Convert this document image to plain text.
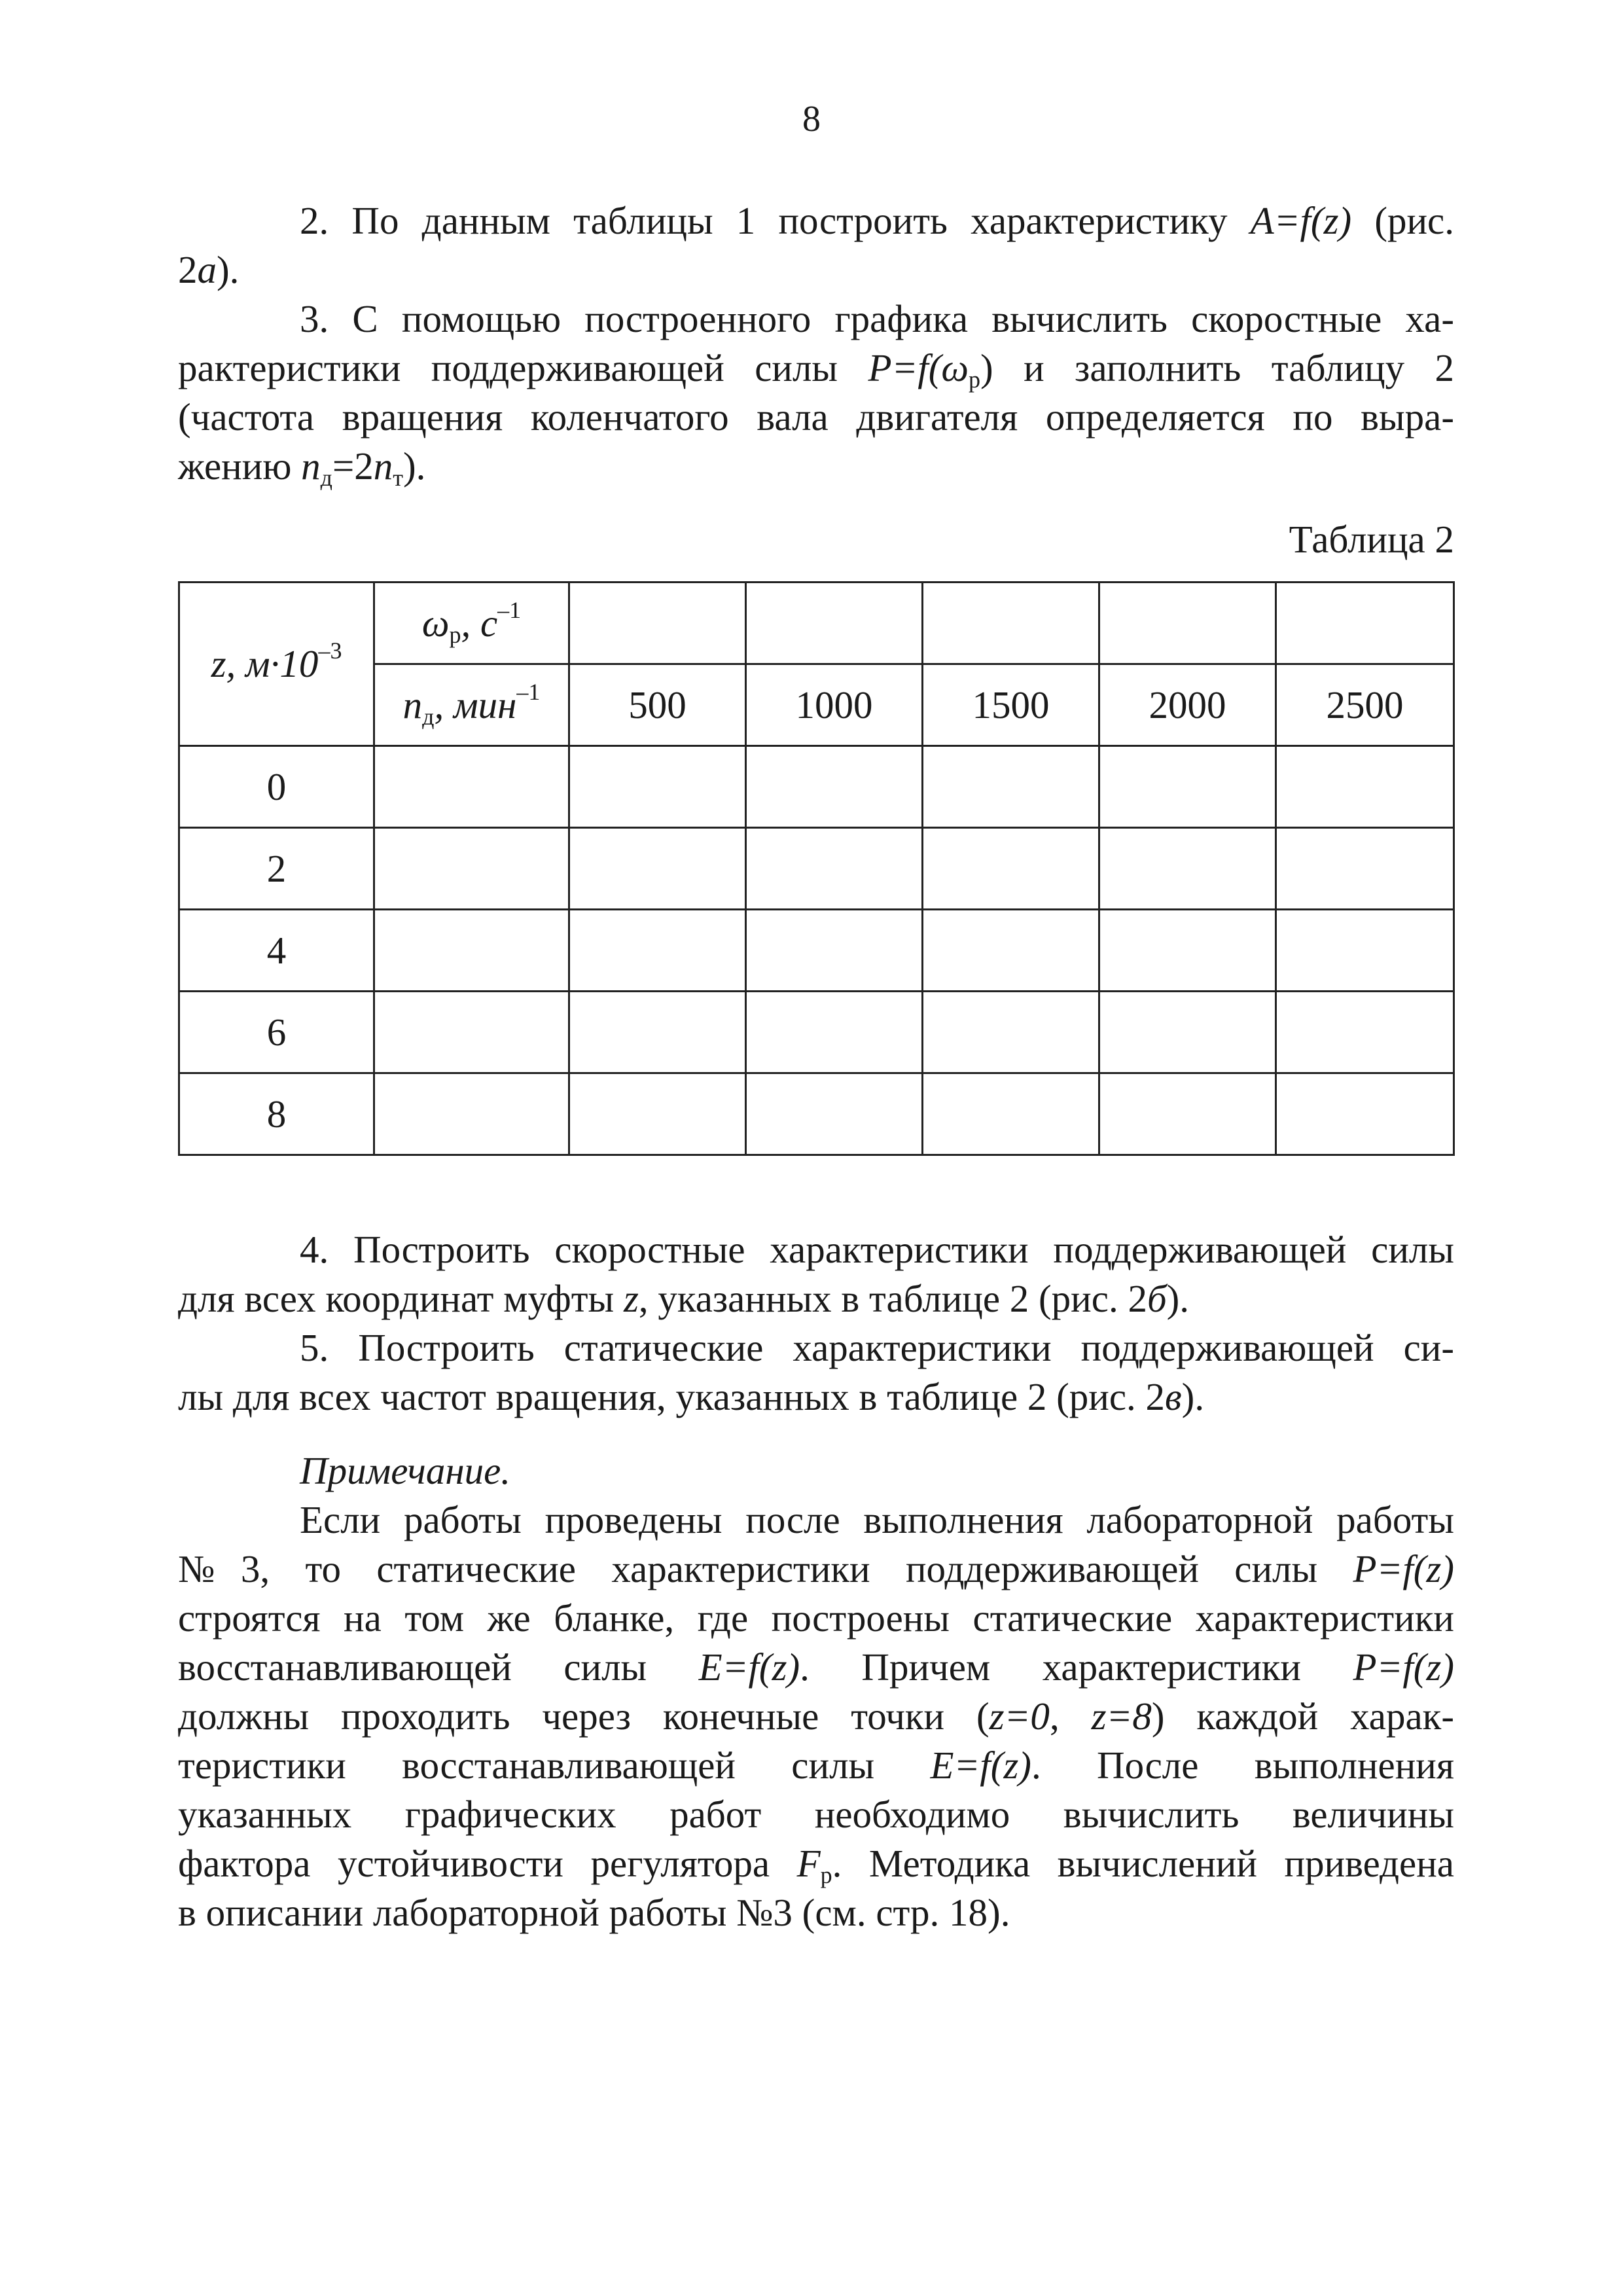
8

2. По данным таблицы 1 построить характеристику A=f(z) (рис.

2а).

3. С помощью построенного графика вычислить скоростные ха-

рактеристики поддерживающей силы $P=f(\omega_р)$ и заполнить таблицу 2

(частота вращения коленчатого вала двигателя определяется по выра-

жению $n_д=2n_т$).

Таблица 2
z, $м\cdot 10^{-3}$	$\omega_р$, $с^{-1}$					
	$n_д$, мин$^{-1}$	500	1000	1500	2000	2500
0						
2						
4						
6						
8						

4. Построить скоростные характеристики поддерживающей силы

для всех координат муфты z, указанных в таблице 2 (рис. 2б).

5. Построить статические характеристики поддерживающей си-

лы для всех частот вращения, указанных в таблице 2 (рис. 2в).

Примечание.

Если работы проведены после выполнения лабораторной работы

№3, то статические характеристики поддерживающей силы P=f(z)

строятся на том же бланке, где построены статические характеристики

восстанавливающей силы E=f(z). Причем характеристики P=f(z)

должны проходить через конечные точки (z=0, z=8) каждой харак-

теристики восстанавливающей силы E=f(z). После выполнения

указанных графических работ необходимо вычислить величины

фактора устойчивости регулятора $F_р$. Методика вычислений приведена

в описании лабораторной работы №3 (см. стр. 18).
